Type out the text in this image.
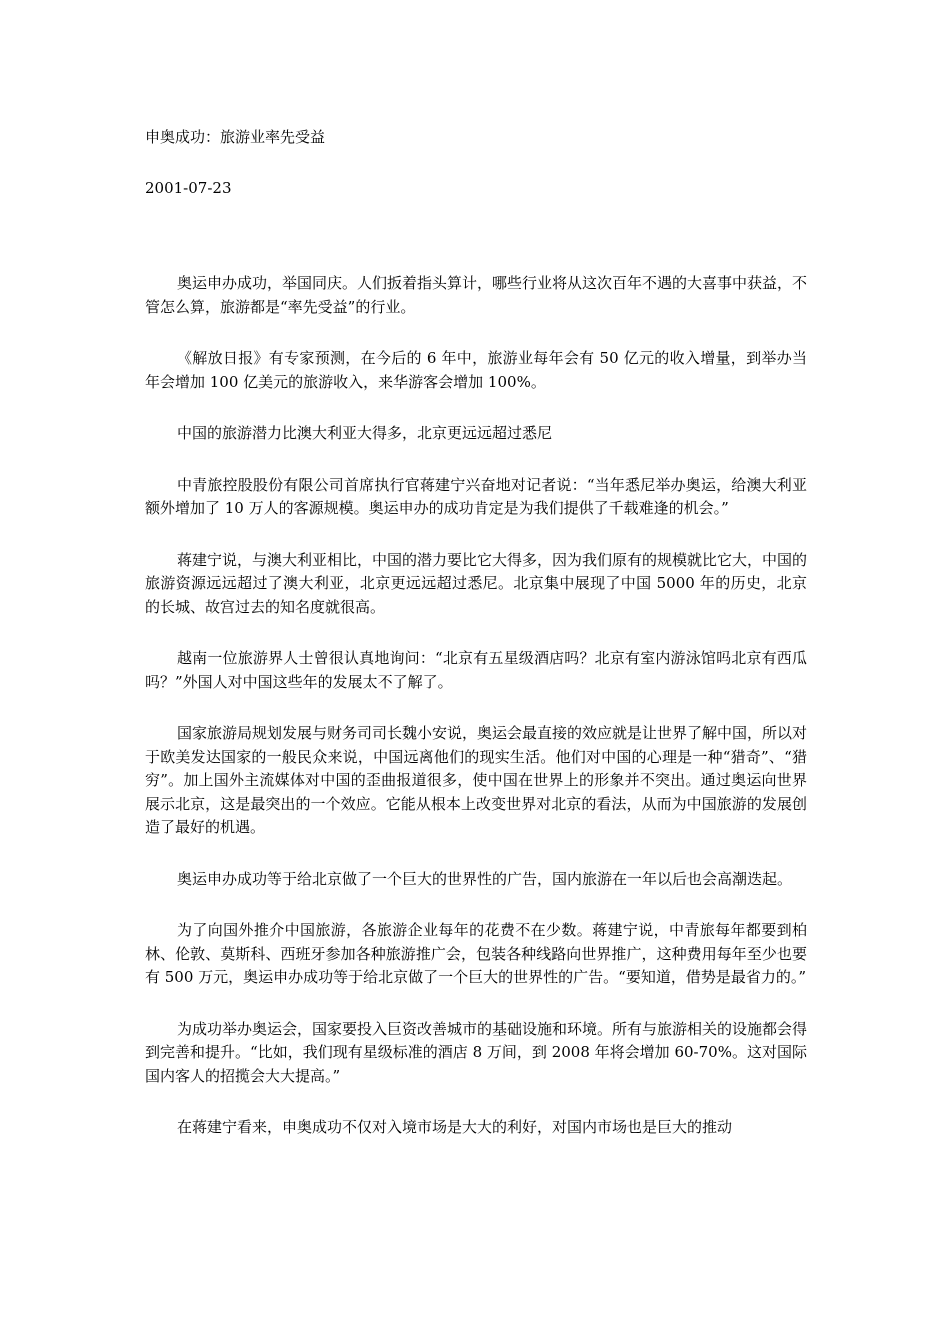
申奥成功：旅游业率先受益
2001-07-23

奥运申办成功，举国同庆。人们扳着指头算计，哪些行业将从这次百年不遇的大喜事中获益，不管怎么算，旅游都是“率先受益”的行业。

《解放日报》有专家预测，在今后的 6 年中，旅游业每年会有 50 亿元的收入增量，到举办当年会增加 100 亿美元的旅游收入，来华游客会增加 100%。

中国的旅游潜力比澳大利亚大得多，北京更远远超过悉尼

中青旅控股股份有限公司首席执行官蒋建宁兴奋地对记者说：“当年悉尼举办奥运，给澳大利亚额外增加了 10 万人的客源规模。奥运申办的成功肯定是为我们提供了千载难逢的机会。”

蒋建宁说，与澳大利亚相比，中国的潜力要比它大得多，因为我们原有的规模就比它大，中国的旅游资源远远超过了澳大利亚，北京更远远超过悉尼。北京集中展现了中国 5000 年的历史，北京的长城、故宫过去的知名度就很高。

越南一位旅游界人士曾很认真地询问：“北京有五星级酒店吗？北京有室内游泳馆吗北京有西瓜吗？”外国人对中国这些年的发展太不了解了。

国家旅游局规划发展与财务司司长魏小安说，奥运会最直接的效应就是让世界了解中国，所以对于欧美发达国家的一般民众来说，中国远离他们的现实生活。他们对中国的心理是一种“猎奇”、“猎穷”。加上国外主流媒体对中国的歪曲报道很多，使中国在世界上的形象并不突出。通过奥运向世界展示北京，这是最突出的一个效应。它能从根本上改变世界对北京的看法，从而为中国旅游的发展创造了最好的机遇。

奥运申办成功等于给北京做了一个巨大的世界性的广告，国内旅游在一年以后也会高潮迭起。

为了向国外推介中国旅游，各旅游企业每年的花费不在少数。蒋建宁说，中青旅每年都要到柏林、伦敦、莫斯科、西班牙参加各种旅游推广会，包装各种线路向世界推广，这种费用每年至少也要有 500 万元，奥运申办成功等于给北京做了一个巨大的世界性的广告。“要知道，借势是最省力的。”

为成功举办奥运会，国家要投入巨资改善城市的基础设施和环境。所有与旅游相关的设施都会得到完善和提升。“比如，我们现有星级标准的酒店 8 万间，到 2008 年将会增加 60-70%。这对国际国内客人的招揽会大大提高。”

在蒋建宁看来，申奥成功不仅对入境市场是大大的利好，对国内市场也是巨大的推动
